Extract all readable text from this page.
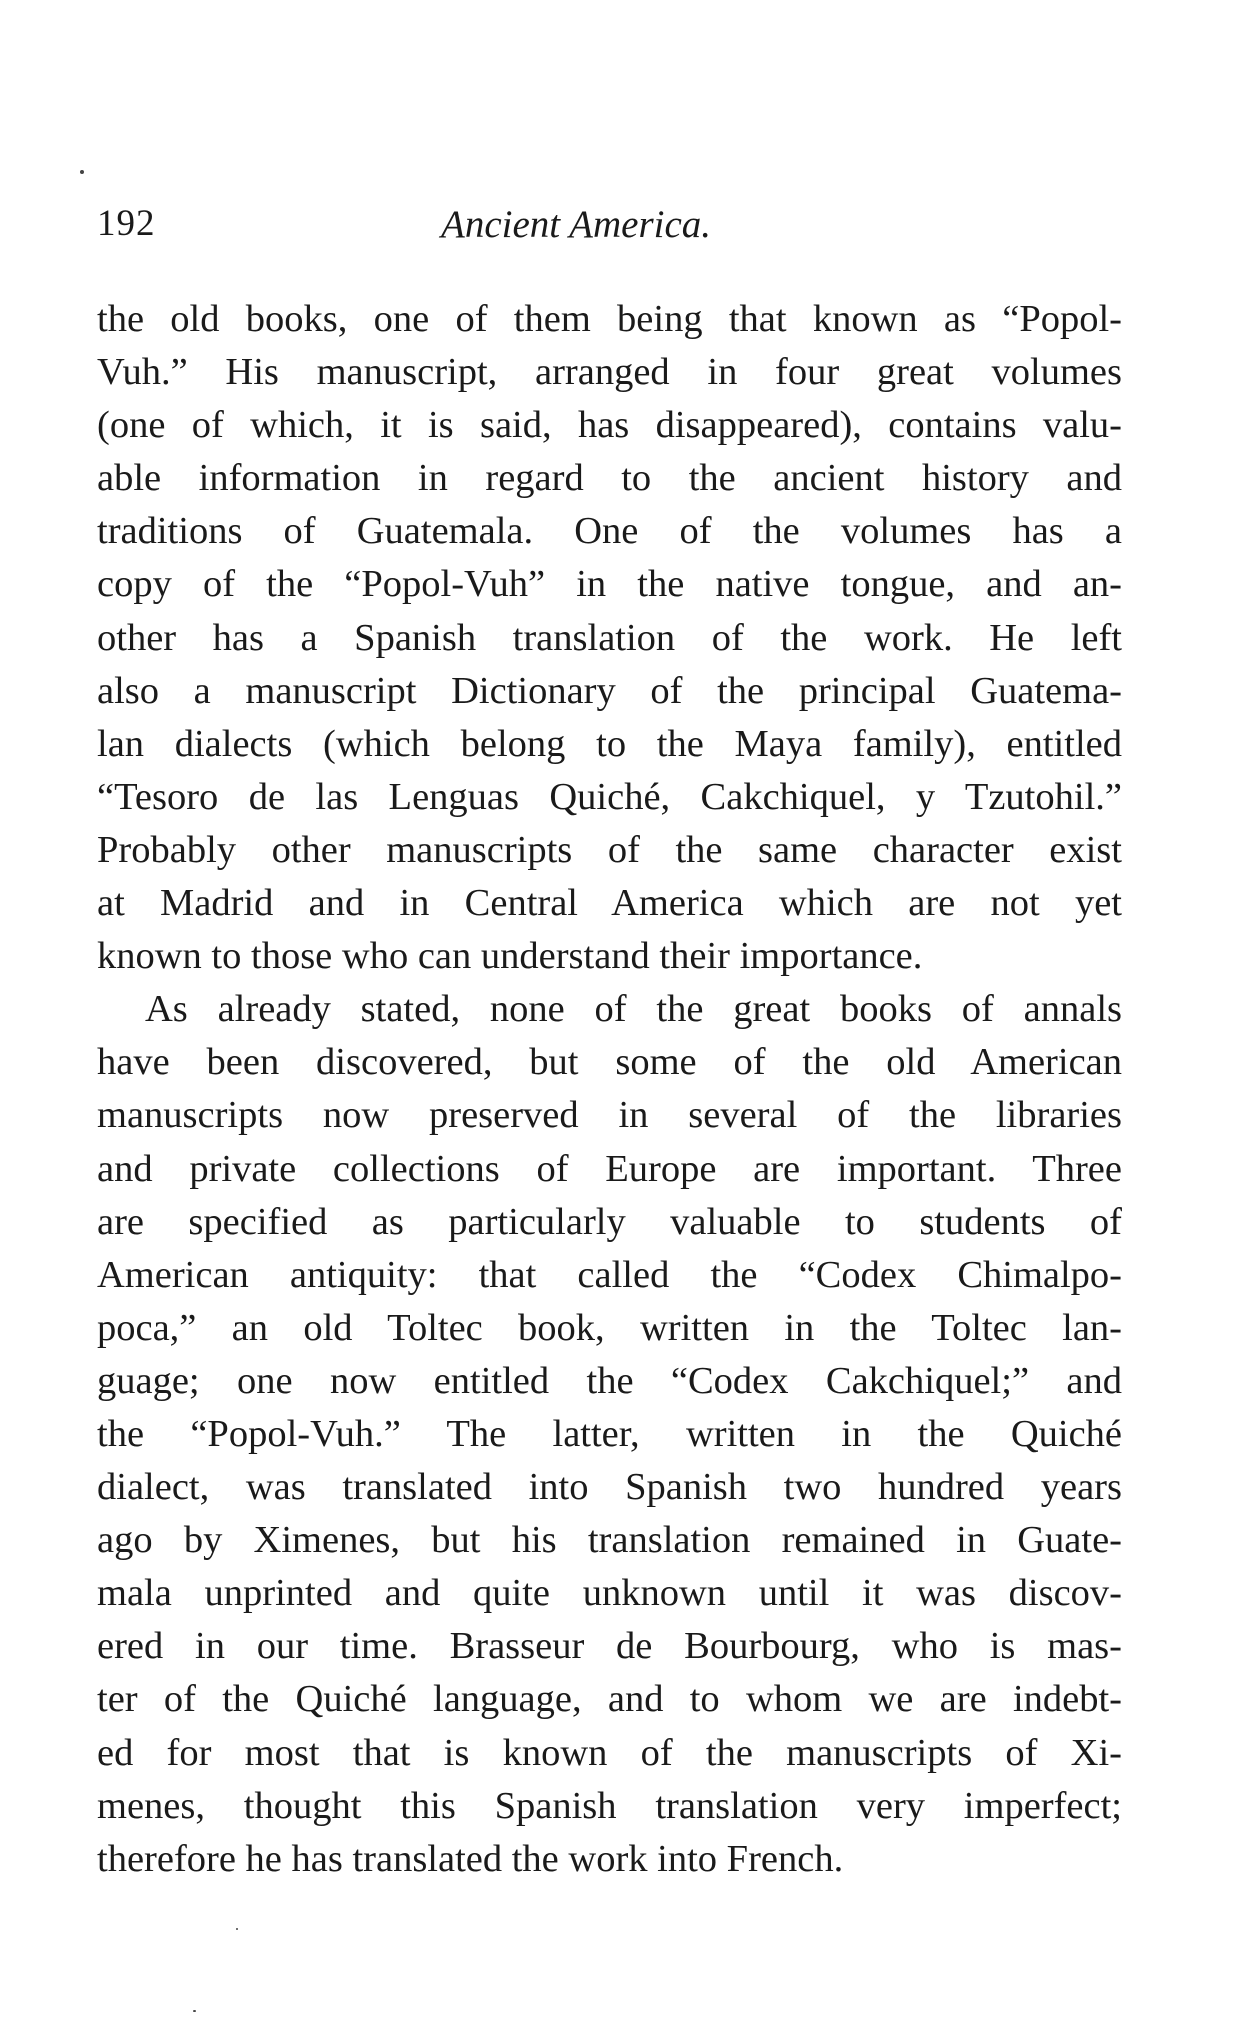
192	Ancient America.
the old books, one of them being that known as “Popol-
Vuh.” His manuscript, arranged in four great volumes
(one of which, it is said, has disappeared), contains valu-
able information in regard to the ancient history and
traditions of Guatemala. One of the volumes has a
copy of the “Popol-Vuh” in the native tongue, and an-
other has a Spanish translation of the work. He left
also a manuscript Dictionary of the principal Guatema-
lan dialects (which belong to the Maya family), entitled
“Tesoro de las Lenguas Quiché, Cakchiquel, y Tzutohil.”
Probably other manuscripts of the same character exist
at Madrid and in Central America which are not yet
known to those who can understand their importance.
As already stated, none of the great books of annals
have been discovered, but some of the old American
manuscripts now preserved in several of the libraries
and private collections of Europe are important. Three
are specified as particularly valuable to students of
American antiquity: that called the “Codex Chimalpo-
poca,” an old Toltec book, written in the Toltec lan-
guage; one now entitled the “Codex Cakchiquel;” and
the “Popol-Vuh.” The latter, written in the Quiché
dialect, was translated into Spanish two hundred years
ago by Ximenes, but his translation remained in Guate-
mala unprinted and quite unknown until it was discov-
ered in our time. Brasseur de Bourbourg, who is mas-
ter of the Quiché language, and to whom we are indebt-
ed for most that is known of the manuscripts of Xi-
menes, thought this Spanish translation very imperfect;
therefore he has translated the work into French.
